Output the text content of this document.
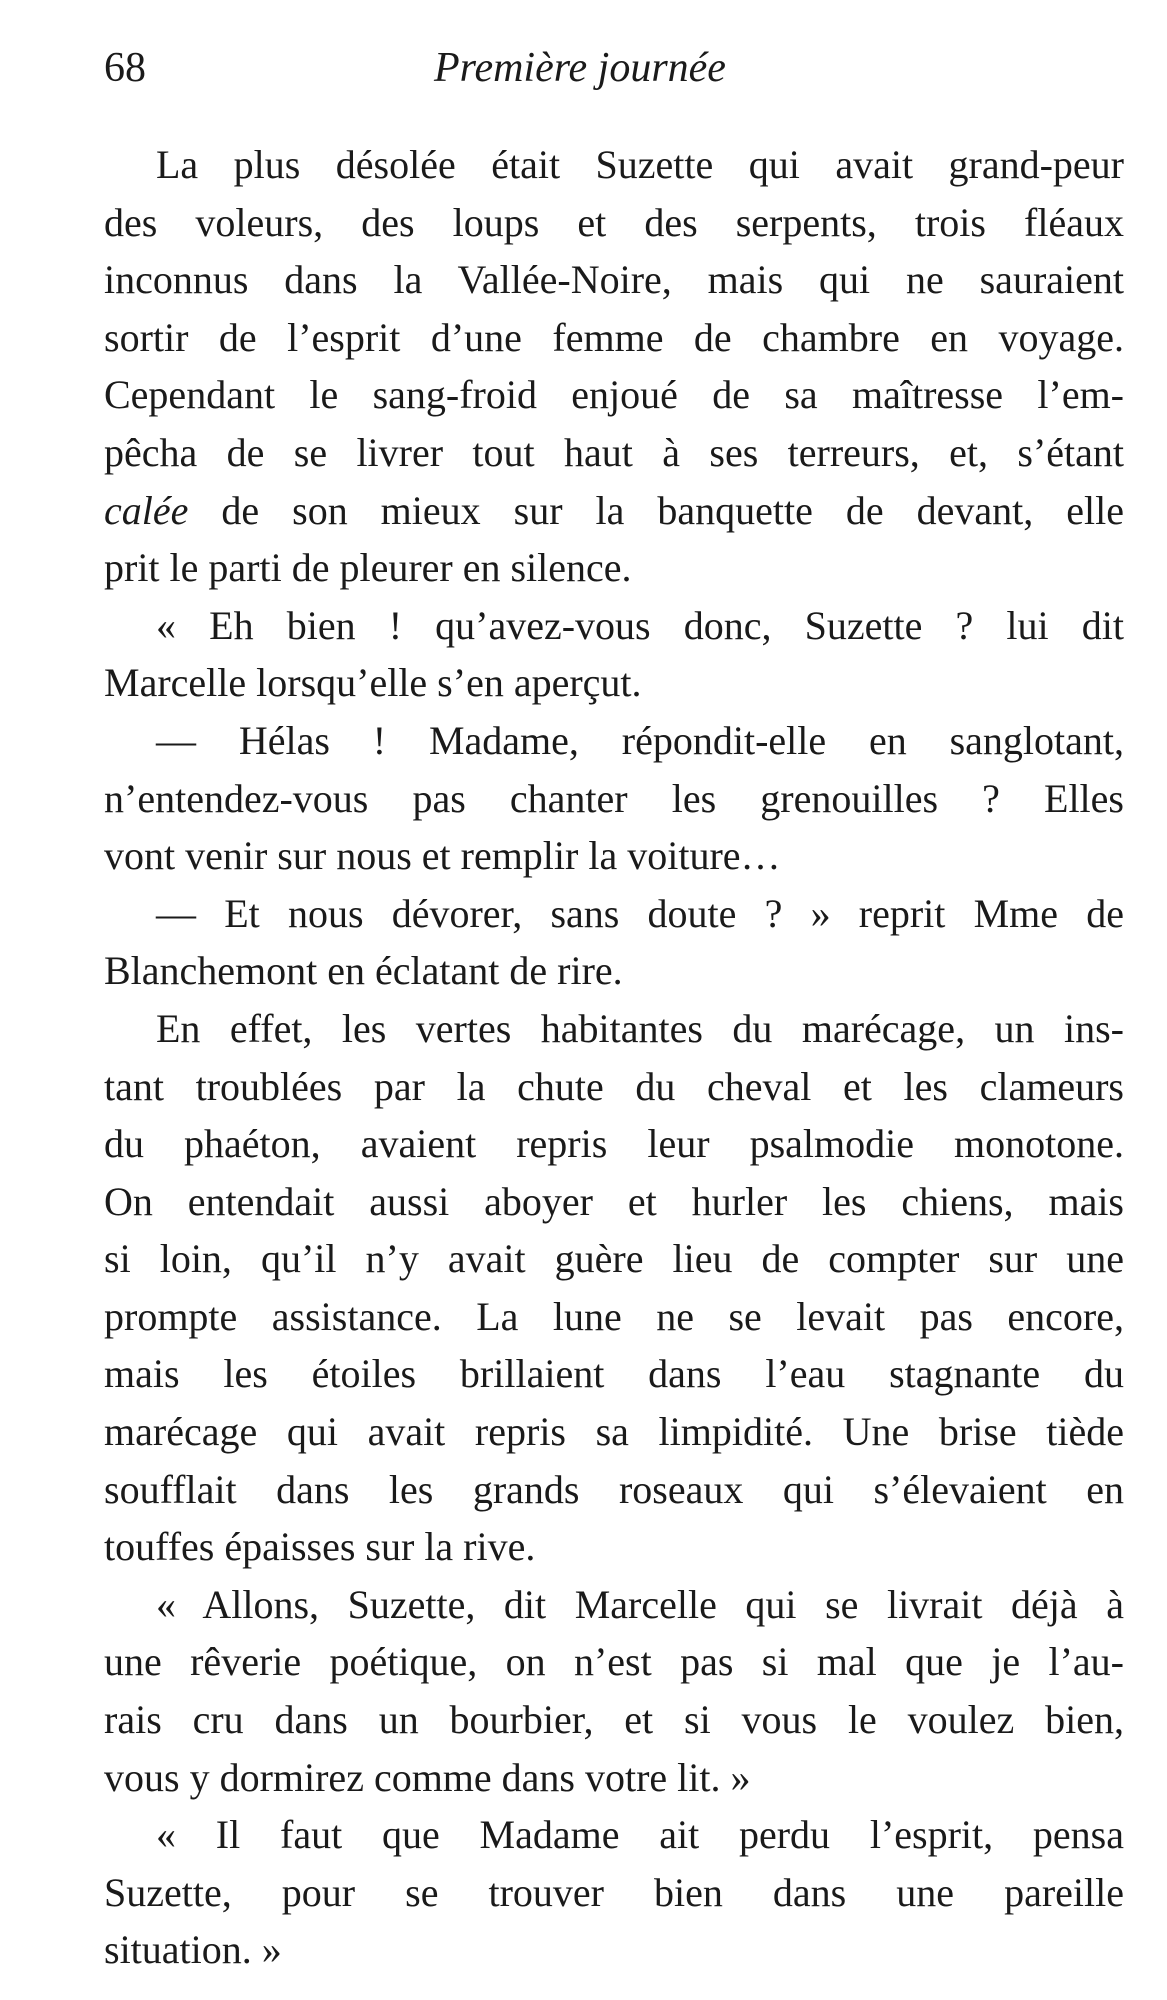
68	Première journée
La plus désolée était Suzette qui avait grand-peur
des voleurs, des loups et des serpents, trois fléaux
inconnus dans la Vallée-Noire, mais qui ne sauraient
sortir de l’esprit d’une femme de chambre en voyage.
Cependant le sang-froid enjoué de sa maîtresse l’em-
pêcha de se livrer tout haut à ses terreurs, et, s’étant
calée de son mieux sur la banquette de devant, elle
prit le parti de pleurer en silence.
« Eh bien ! qu’avez-vous donc, Suzette ? lui dit
Marcelle lorsqu’elle s’en aperçut.
— Hélas ! Madame, répondit-elle en sanglotant,
n’entendez-vous pas chanter les grenouilles ? Elles
vont venir sur nous et remplir la voiture…
— Et nous dévorer, sans doute ? » reprit Mme de
Blanchemont en éclatant de rire.
En effet, les vertes habitantes du marécage, un ins-
tant troublées par la chute du cheval et les clameurs
du phaéton, avaient repris leur psalmodie monotone.
On entendait aussi aboyer et hurler les chiens, mais
si loin, qu’il n’y avait guère lieu de compter sur une
prompte assistance. La lune ne se levait pas encore,
mais les étoiles brillaient dans l’eau stagnante du
marécage qui avait repris sa limpidité. Une brise tiède
soufflait dans les grands roseaux qui s’élevaient en
touffes épaisses sur la rive.
« Allons, Suzette, dit Marcelle qui se livrait déjà à
une rêverie poétique, on n’est pas si mal que je l’au-
rais cru dans un bourbier, et si vous le voulez bien,
vous y dormirez comme dans votre lit. »
« Il faut que Madame ait perdu l’esprit, pensa
Suzette, pour se trouver bien dans une pareille
situation. »
